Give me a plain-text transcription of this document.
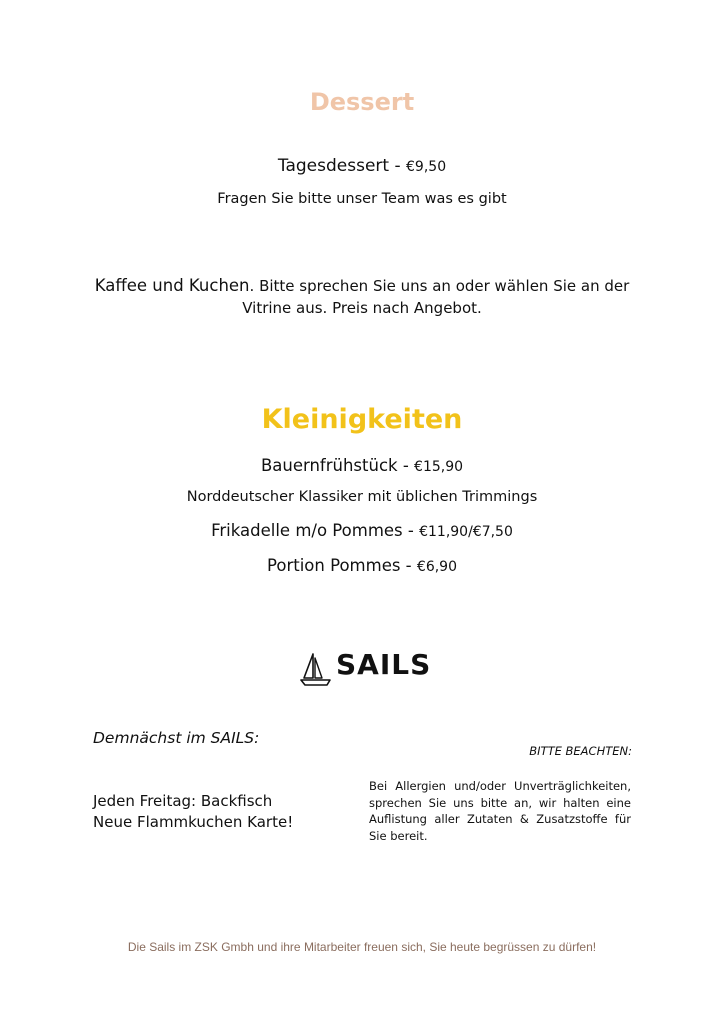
Dessert
Tagesdessert - €9,50
Fragen Sie bitte unser Team was es gibt
Kaffee und Kuchen. Bitte sprechen Sie uns an oder wählen Sie an der Vitrine aus. Preis nach Angebot.
Kleinigkeiten
Bauernfrühstück - €15,90
Norddeutscher Klassiker mit üblichen Trimmings
Frikadelle m/o Pommes - €11,90/€7,50
Portion Pommes - €6,90
SAILS
Demnächst im SAILS:
BITTE BEACHTEN:
Jeden Freitag: Backfisch
Neue Flammkuchen Karte!
Bei Allergien und/oder Unverträglichkeiten, sprechen Sie uns bitte an, wir halten eine Auflistung aller Zutaten & Zusatzstoffe für Sie bereit.
Die Sails im ZSK Gmbh und ihre Mitarbeiter freuen sich, Sie heute begrüssen zu dürfen!
